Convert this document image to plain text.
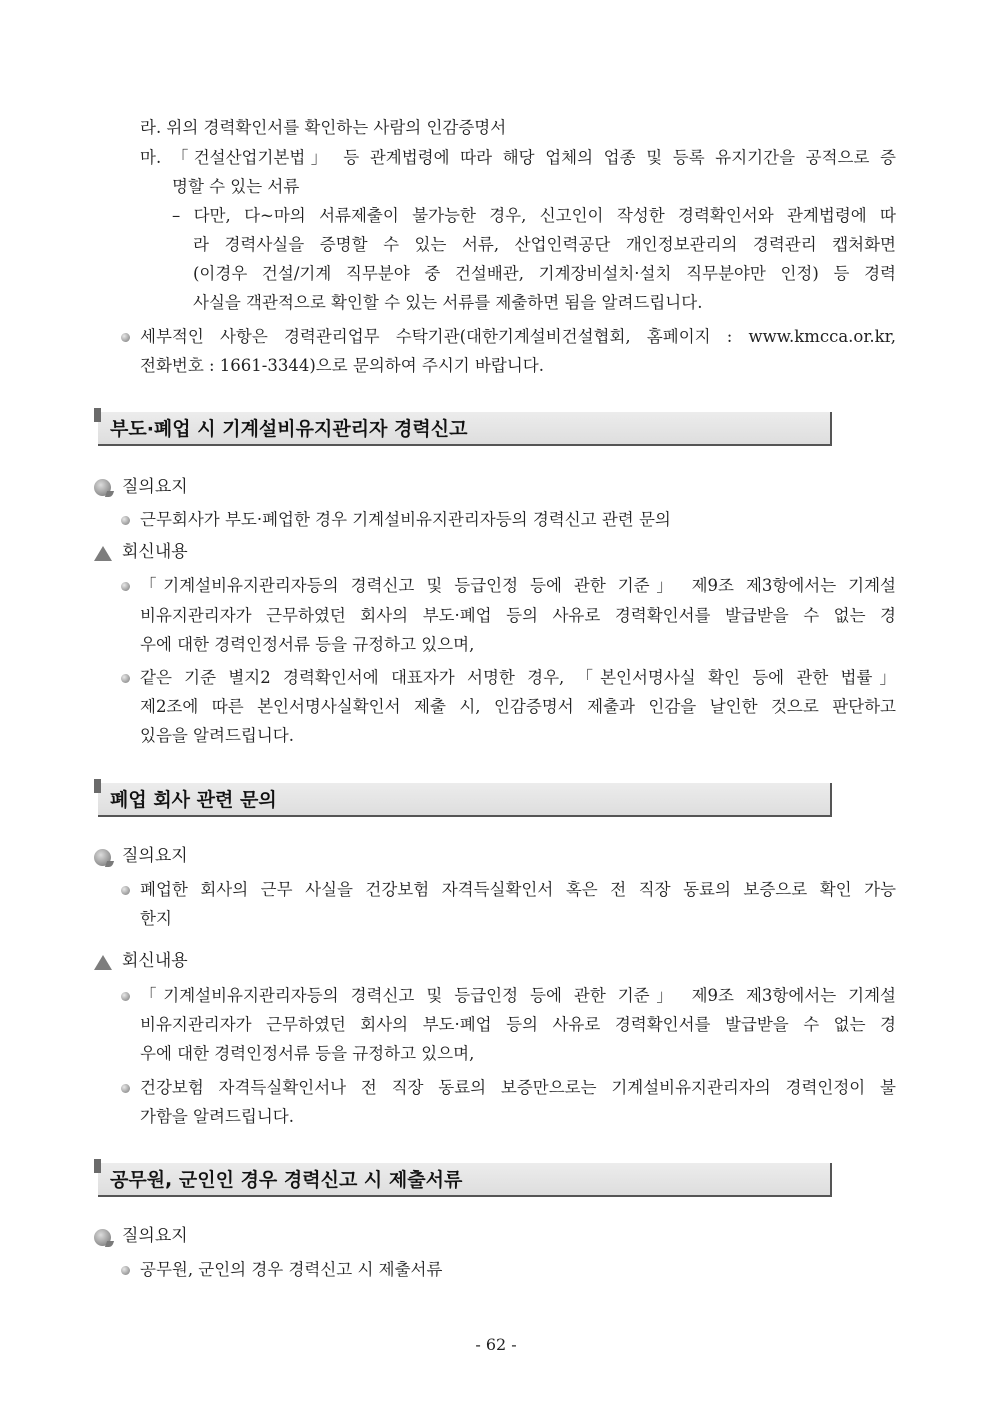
라. 위의 경력확인서를 확인하는 사람의 인감증명서
마. 「건설산업기본법」 등 관계법령에 따라 해당 업체의 업종 및 등록 유지기간을 공적으로 증
명할 수 있는 서류
– 다만, 다~마의 서류제출이 불가능한 경우, 신고인이 작성한 경력확인서와 관계법령에 따
라 경력사실을 증명할 수 있는 서류, 산업인력공단 개인정보관리의 경력관리 캡처화면
(이경우 건설/기계 직무분야 중 건설배관, 기계장비설치·설치 직무분야만 인정) 등 경력
사실을 객관적으로 확인할 수 있는 서류를 제출하면 됨을 알려드립니다.
세부적인 사항은 경력관리업무 수탁기관(대한기계설비건설협회, 홈페이지 : www.kmcca.or.kr,
전화번호 : 1661-3344)으로 문의하여 주시기 바랍니다.
부도·폐업 시 기계설비유지관리자 경력신고
질의요지
근무회사가 부도·폐업한 경우 기계설비유지관리자등의 경력신고 관련 문의
회신내용
「기계설비유지관리자등의 경력신고 및 등급인정 등에 관한 기준」 제9조 제3항에서는 기계설
비유지관리자가 근무하였던 회사의 부도·폐업 등의 사유로 경력확인서를 발급받을 수 없는 경
우에 대한 경력인정서류 등을 규정하고 있으며,
같은 기준 별지2 경력확인서에 대표자가 서명한 경우, 「본인서명사실 확인 등에 관한 법률」
제2조에 따른 본인서명사실확인서 제출 시, 인감증명서 제출과 인감을 날인한 것으로 판단하고
있음을 알려드립니다.
폐업 회사 관련 문의
질의요지
폐업한 회사의 근무 사실을 건강보험 자격득실확인서 혹은 전 직장 동료의 보증으로 확인 가능
한지
회신내용
「기계설비유지관리자등의 경력신고 및 등급인정 등에 관한 기준」 제9조 제3항에서는 기계설
비유지관리자가 근무하였던 회사의 부도·폐업 등의 사유로 경력확인서를 발급받을 수 없는 경
우에 대한 경력인정서류 등을 규정하고 있으며,
건강보험 자격득실확인서나 전 직장 동료의 보증만으로는 기계설비유지관리자의 경력인정이 불
가함을 알려드립니다.
공무원, 군인인 경우 경력신고 시 제출서류
질의요지
공무원, 군인의 경우 경력신고 시 제출서류
- 62 -
